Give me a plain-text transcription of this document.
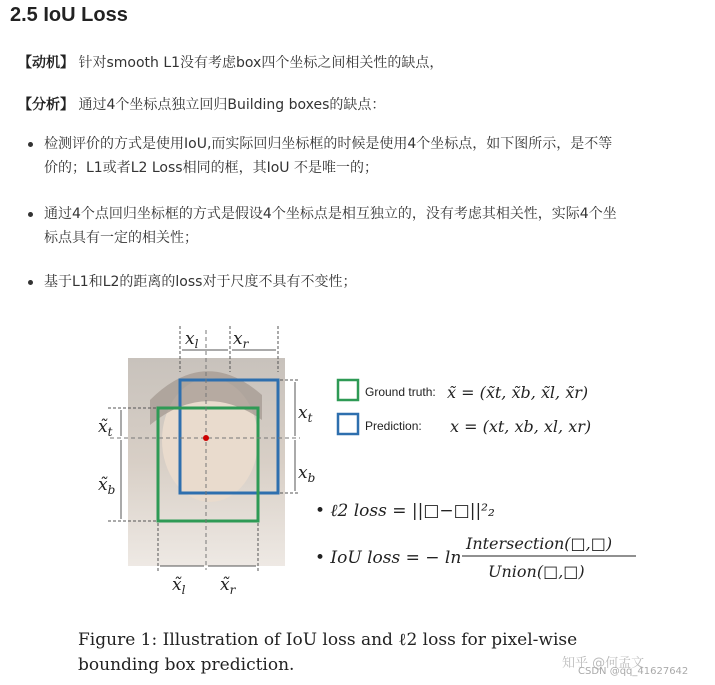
2.5 IoU Loss
【动机】 针对smooth L1没有考虑box四个坐标之间相关性的缺点，
【分析】 通过4个坐标点独立回归Building boxes的缺点：
检测评价的方式是使用IoU,而实际回归坐标框的时候是使用4个坐标点，如下图所示，是不等
价的；L1或者L2 Loss相同的框，其IoU 不是唯一的；
通过4个点回归坐标框的方式是假设4个坐标点是相互独立的，没有考虑其相关性，实际4个坐
标点具有一定的相关性；
基于L1和L2的距离的loss对于尺度不具有不变性；
$x_l$ $x_r$
$x_t$
$x_b$
$x̃_t$
$x̃_b$
$x̃_l$ $x̃_r$
Ground truth: x̃ = (x̃t, x̃b, x̃l, x̃r)
Prediction: x = (xt, xb, xl, xr)
• ℓ2 loss = ||□−□||²₂
• IoU loss = − ln
Intersection(□,□)
Union(□,□)
Figure 1: Illustration of IoU loss and ℓ2 loss for pixel-wise
bounding box prediction.	知乎 @何孟文
CSDN @qq_41627642
